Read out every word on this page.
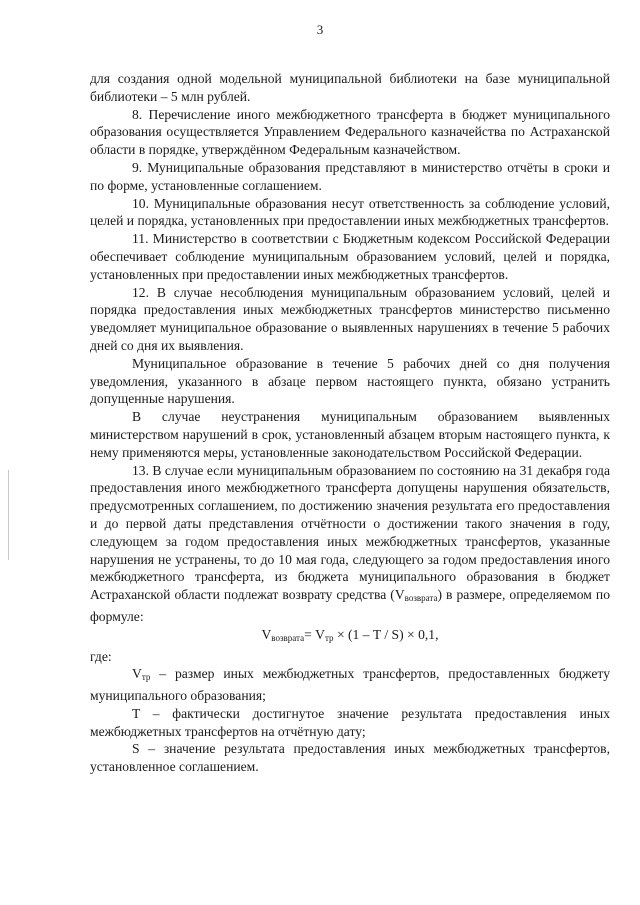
3

для создания одной модельной муниципальной библиотеки на базе муниципальной библиотеки – 5 млн рублей.

8. Перечисление иного межбюджетного трансферта в бюджет муниципального образования осуществляется Управлением Федерального казначейства по Астраханской области в порядке, утверждённом Федеральным казначейством.

9. Муниципальные образования представляют в министерство отчёты в сроки и по форме, установленные соглашением.

10. Муниципальные образования несут ответственность за соблюдение условий, целей и порядка, установленных при предоставлении иных межбюджетных трансфертов.

11. Министерство в соответствии с Бюджетным кодексом Российской Федерации обеспечивает соблюдение муниципальным образованием условий, целей и порядка, установленных при предоставлении иных межбюджетных трансфертов.

12. В случае несоблюдения муниципальным образованием условий, целей и порядка предоставления иных межбюджетных трансфертов министерство письменно уведомляет муниципальное образование о выявленных нарушениях в течение 5 рабочих дней со дня их выявления.

Муниципальное образование в течение 5 рабочих дней со дня получения уведомления, указанного в абзаце первом настоящего пункта, обязано устранить допущенные нарушения.

В случае неустранения муниципальным образованием выявленных министерством нарушений в срок, установленный абзацем вторым настоящего пункта, к нему применяются меры, установленные законодательством Российской Федерации.

13. В случае если муниципальным образованием по состоянию на 31 декабря года предоставления иного межбюджетного трансферта допущены нарушения обязательств, предусмотренных соглашением, по достижению значения результата его предоставления и до первой даты представления отчётности о достижении такого значения в году, следующем за годом предоставления иных межбюджетных трансфертов, указанные нарушения не устранены, то до 10 мая года, следующего за годом предоставления иного межбюджетного трансферта, из бюджета муниципального образования в бюджет Астраханской области подлежат возврату средства (Vвозврата) в размере, определяемом по формуле:

$V_{возврата}= V_{тр} \times (1 - T / S) \times 0,1$,

где:

Vтр – размер иных межбюджетных трансфертов, предоставленных бюджету муниципального образования;

T – фактически достигнутое значение результата предоставления иных межбюджетных трансфертов на отчётную дату;

S – значение результата предоставления иных межбюджетных трансфертов, установленное соглашением.
